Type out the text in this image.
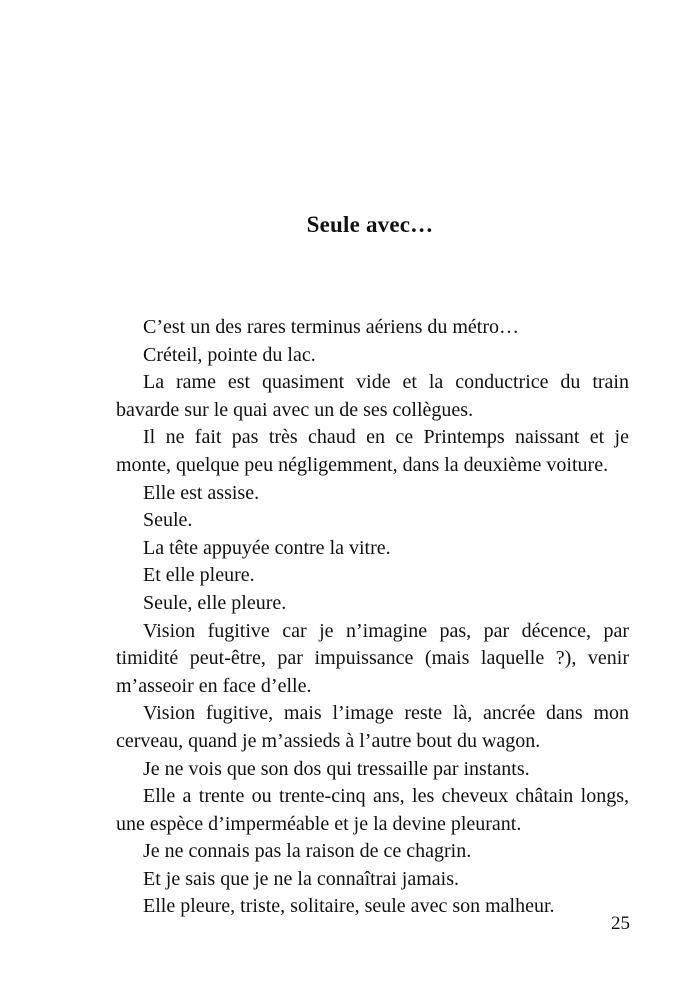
Seule avec…

C’est un des rares terminus aériens du métro…

Créteil, pointe du lac.

La rame est quasiment vide et la conductrice du train bavarde sur le quai avec un de ses collègues.

Il ne fait pas très chaud en ce Printemps naissant et je monte, quelque peu négligemment, dans la deuxième voiture.

Elle est assise.

Seule.

La tête appuyée contre la vitre.

Et elle pleure.

Seule, elle pleure.

Vision fugitive car je n’imagine pas, par décence, par timidité peut-être, par impuissance (mais laquelle ?), venir m’asseoir en face d’elle.

Vision fugitive, mais l’image reste là, ancrée dans mon cerveau, quand je m’assieds à l’autre bout du wagon.

Je ne vois que son dos qui tressaille par instants.

Elle a trente ou trente-cinq ans, les cheveux châtain longs, une espèce d’imperméable et je la devine pleurant.

Je ne connais pas la raison de ce chagrin.

Et je sais que je ne la connaîtrai jamais.

Elle pleure, triste, solitaire, seule avec son malheur.

25
